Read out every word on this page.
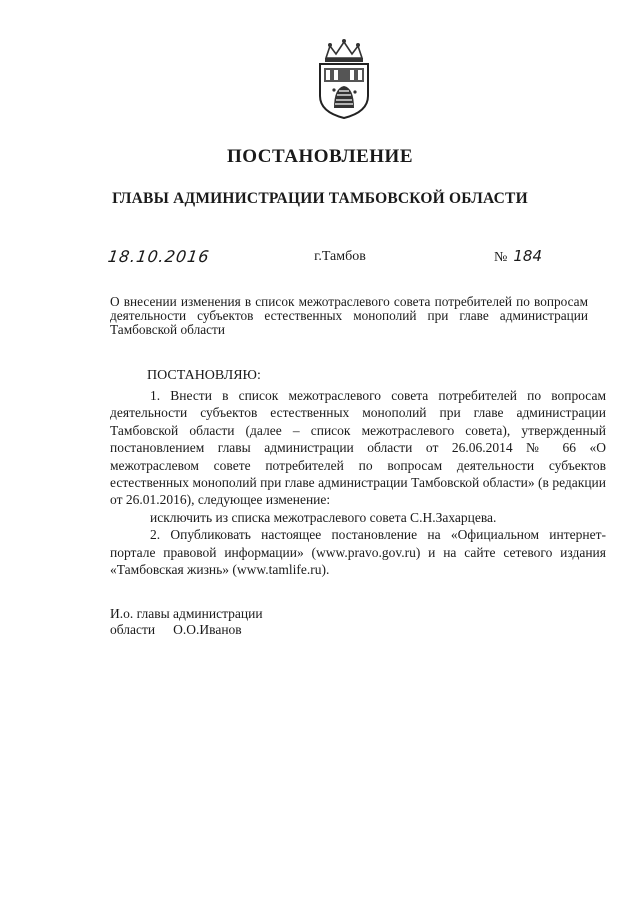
ПОСТАНОВЛЕНИЕ
ГЛАВЫ АДМИНИСТРАЦИИ ТАМБОВСКОЙ ОБЛАСТИ
18.10.2016	г.Тамбов	№ 184
О внесении изменения в список межотраслевого совета потребителей по вопросам деятельности субъектов естественных монополий при главе администрации Тамбовской области
ПОСТАНОВЛЯЮ:

1. Внести в список межотраслевого совета потребителей по вопросам деятельности субъектов естественных монополий при главе администрации Тамбовской области (далее – список межотраслевого совета), утвержденный постановлением главы администрации области от 26.06.2014 № 66 «О межотраслевом совете потребителей по вопросам деятельности субъектов естественных монополий при главе администрации Тамбовской области» (в редакции от 26.01.2016), следующее изменение:

исключить из списка межотраслевого совета С.Н.Захарцева.

2. Опубликовать настоящее постановление на «Официальном интернет-портале правовой информации» (www.pravo.gov.ru) и на сайте сетевого издания «Тамбовская жизнь» (www.tamlife.ru).

И.о. главы администрации
области О.О.Иванов
